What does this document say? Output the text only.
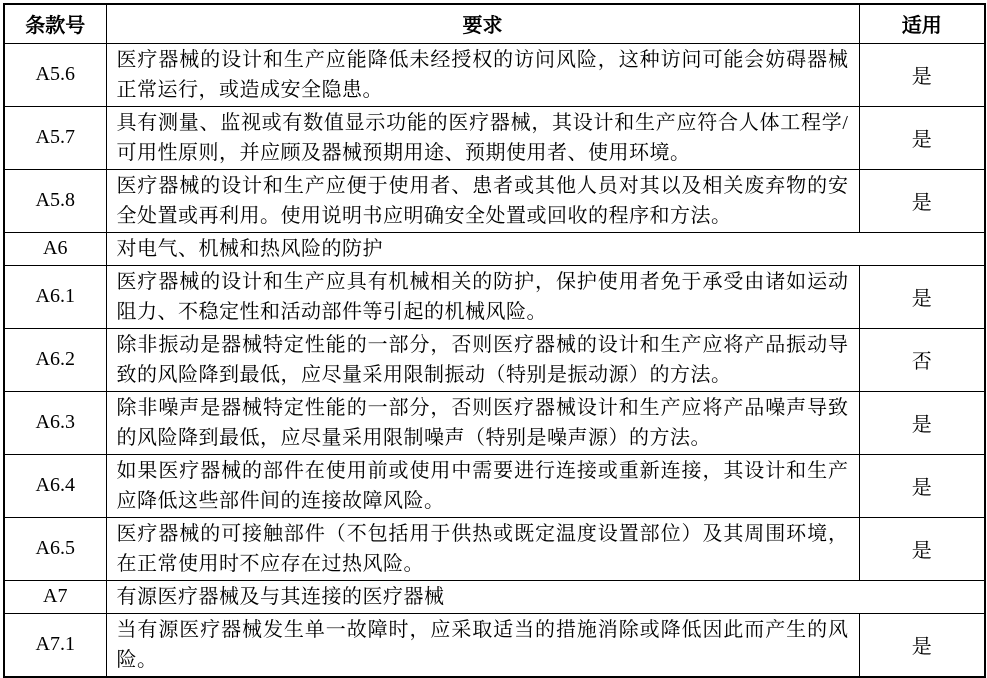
条款号	要求	适用
A5.6	医疗器械的设计和生产应能降低未经授权的访问风险，这种访问可能会妨碍器械正常运行，或造成安全隐患。	是
A5.7	具有测量、监视或有数值显示功能的医疗器械，其设计和生产应符合人体工程学/可用性原则，并应顾及器械预期用途、预期使用者、使用环境。	是
A5.8	医疗器械的设计和生产应便于使用者、患者或其他人员对其以及相关废弃物的安全处置或再利用。使用说明书应明确安全处置或回收的程序和方法。	是
A6	对电气、机械和热风险的防护	
A6.1	医疗器械的设计和生产应具有机械相关的防护，保护使用者免于承受由诸如运动阻力、不稳定性和活动部件等引起的机械风险。	是
A6.2	除非振动是器械特定性能的一部分，否则医疗器械的设计和生产应将产品振动导致的风险降到最低，应尽量采用限制振动（特别是振动源）的方法。	否
A6.3	除非噪声是器械特定性能的一部分，否则医疗器械设计和生产应将产品噪声导致的风险降到最低，应尽量采用限制噪声（特别是噪声源）的方法。	是
A6.4	如果医疗器械的部件在使用前或使用中需要进行连接或重新连接，其设计和生产应降低这些部件间的连接故障风险。	是
A6.5	医疗器械的可接触部件（不包括用于供热或既定温度设置部位）及其周围环境，在正常使用时不应存在过热风险。	是
A7	有源医疗器械及与其连接的医疗器械	
A7.1	当有源医疗器械发生单一故障时，应采取适当的措施消除或降低因此而产生的风险。	是
